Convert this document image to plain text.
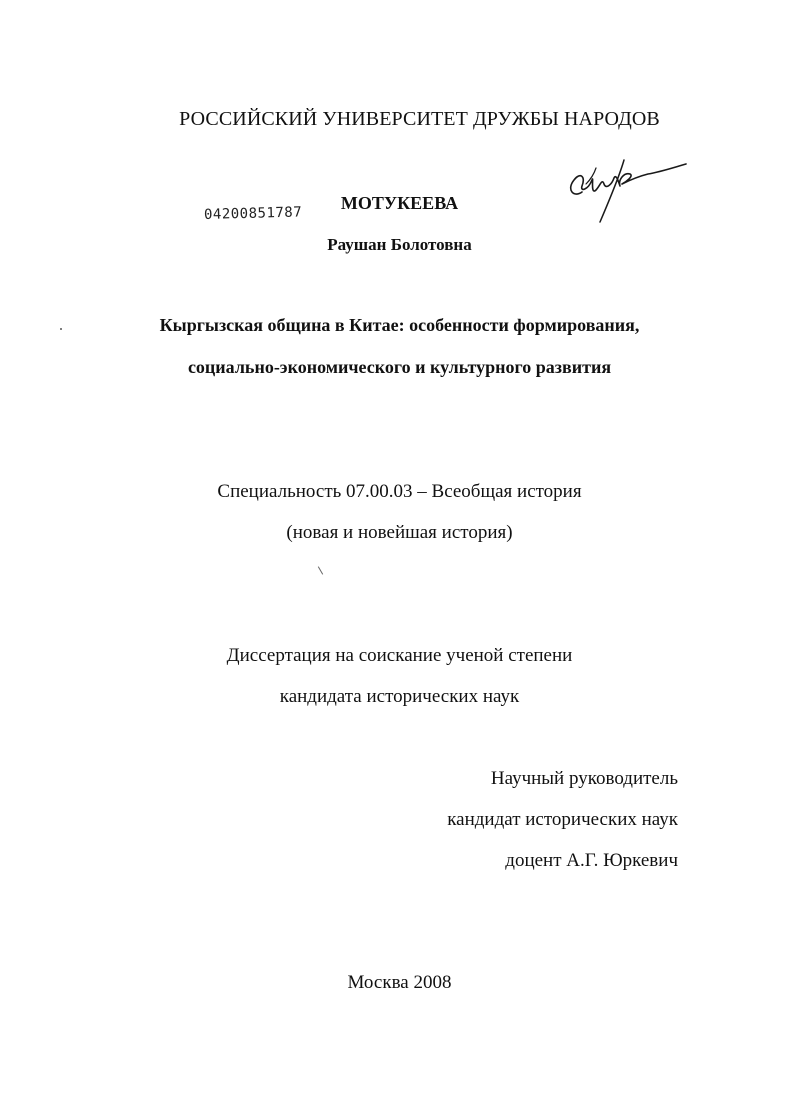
РОССИЙСКИЙ УНИВЕРСИТЕТ ДРУЖБЫ НАРОДОВ
04200851787
МОТУКЕЕВА
Раушан Болотовна
Кыргызская община в Китае: особенности формирования,
социально-экономического и культурного развития
Специальность 07.00.03 – Всеобщая история
(новая и новейшая история)
Диссертация на соискание ученой степени
кандидата исторических наук
Научный руководитель
кандидат исторических наук
доцент А.Г. Юркевич
Москва 2008
